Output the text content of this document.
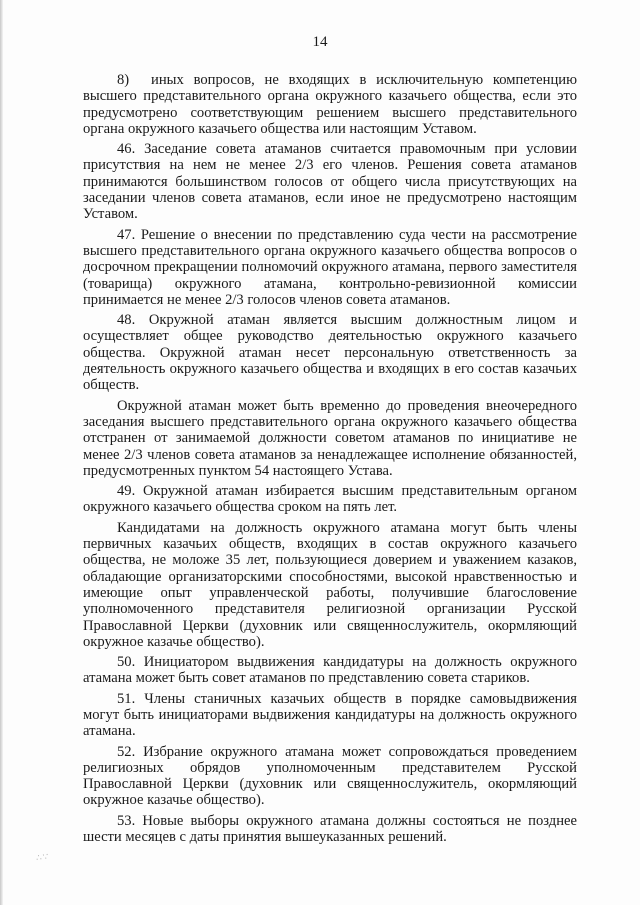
14

8)  иных вопросов, не входящих в исключительную компетенцию высшего представительного органа окружного казачьего общества, если это предусмотрено соответствующим решением высшего представительного органа окружного казачьего общества или настоящим Уставом.

46. Заседание совета атаманов считается правомочным при условии присутствия на нем не менее 2/3 его членов. Решения совета атаманов принимаются большинством голосов от общего числа присутствующих на заседании членов совета атаманов, если иное не предусмотрено настоящим Уставом.

47. Решение о внесении по представлению суда чести на рассмотрение высшего представительного органа окружного казачьего общества вопросов о досрочном прекращении полномочий окружного атамана, первого заместителя (товарища) окружного атамана, контрольно-ревизионной комиссии принимается не менее 2/3 голосов членов совета атаманов.

48. Окружной атаман является высшим должностным лицом и осуществляет общее руководство деятельностью окружного казачьего общества. Окружной атаман несет персональную ответственность за деятельность окружного казачьего общества и входящих в его состав казачьих обществ.

Окружной атаман может быть временно до проведения внеочередного заседания высшего представительного органа окружного казачьего общества отстранен от занимаемой должности советом атаманов по инициативе не менее 2/3 членов совета атаманов за ненадлежащее исполнение обязанностей, предусмотренных пунктом 54 настоящего Устава.

49. Окружной атаман избирается высшим представительным органом окружного казачьего общества сроком на пять лет.

Кандидатами на должность окружного атамана могут быть члены первичных казачьих обществ, входящих в состав окружного казачьего общества, не моложе 35 лет, пользующиеся доверием и уважением казаков, обладающие организаторскими способностями, высокой нравственностью и имеющие опыт управленческой работы, получившие благословение уполномоченного представителя религиозной организации Русской Православной Церкви (духовник или священнослужитель, окормляющий окружное казачье общество).

50. Инициатором выдвижения кандидатуры на должность окружного атамана может быть совет атаманов по представлению совета стариков.

51. Члены станичных казачьих обществ в порядке самовыдвижения могут быть инициаторами выдвижения кандидатуры на должность окружного атамана.

52. Избрание окружного атамана может сопровождаться проведением религиозных обрядов уполномоченным представителем Русской Православной Церкви (духовник или священнослужитель, окормляющий окружное казачье общество).

53. Новые выборы окружного атамана должны состояться не позднее шести месяцев с даты принятия вышеуказанных решений.

∴∵
